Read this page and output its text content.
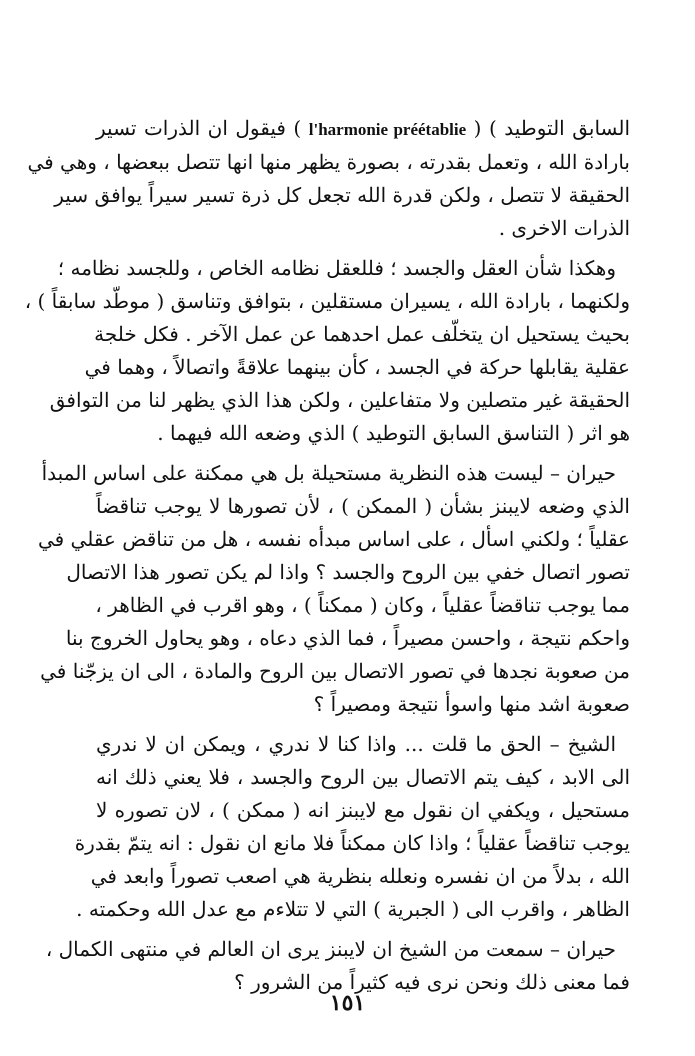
السابق التوطيد ) ( l'harmonie préétablie ) فيقول ان الذرات تسير
بارادة الله ، وتعمل بقدرته ، بصورة يظهر منها انها تتصل ببعضها ، وهي في
الحقيقة لا تتصل ، ولكن قدرة الله تجعل كل ذرة تسير سيراً يوافق سير
الذرات الاخرى .
وهكذا شأن العقل والجسد ؛ فللعقل نظامه الخاص ، وللجسد نظامه ؛
ولكنهما ، بارادة الله ، يسيران مستقلين ، بتوافق وتناسق ( موطّد سابقاً ) ،
بحيث يستحيل ان يتخلّف عمل احدهما عن عمل الآخر . فكل خلجة
عقلية يقابلها حركة في الجسد ، كأن بينهما علاقةً واتصالاً ، وهما في
الحقيقة غير متصلين ولا متفاعلين ، ولكن هذا الذي يظهر لنا من التوافق
هو اثر ( التناسق السابق التوطيد ) الذي وضعه الله فيهما .
حيران – ليست هذه النظرية مستحيلة بل هي ممكنة على اساس المبدأ
الذي وضعه لايبنز بشأن ( الممكن ) ، لأن تصورها لا يوجب تناقضاً
عقلياً ؛ ولكني اسأل ، على اساس مبدأه نفسه ، هل من تناقض عقلي في
تصور اتصال خفي بين الروح والجسد ؟ واذا لم يكن تصور هذا الاتصال
مما يوجب تناقضاً عقلياً ، وكان ( ممكناً ) ، وهو اقرب في الظاهر ،
واحكم نتيجة ، واحسن مصيراً ، فما الذي دعاه ، وهو يحاول الخروج بنا
من صعوبة نجدها في تصور الاتصال بين الروح والمادة ، الى ان يزجّنا في
صعوبة اشد منها واسوأ نتيجة ومصيراً ؟
الشيخ – الحق ما قلت ... واذا كنا لا ندري ، ويمكن ان لا ندري
الى الابد ، كيف يتم الاتصال بين الروح والجسد ، فلا يعني ذلك انه
مستحيل ، ويكفي ان نقول مع لايبنز انه ( ممكن ) ، لان تصوره لا
يوجب تناقضاً عقلياً ؛ واذا كان ممكناً فلا مانع ان نقول : انه يتمّ بقدرة
الله ، بدلاً من ان نفسره ونعلله بنظرية هي اصعب تصوراً وابعد في
الظاهر ، واقرب الى ( الجبرية ) التي لا تتلاءم مع عدل الله وحكمته .
حيران – سمعت من الشيخ ان لايبنز يرى ان العالم في منتهى الكمال ،
فما معنى ذلك ونحن نرى فيه كثيراً من الشرور ؟
١٥١
